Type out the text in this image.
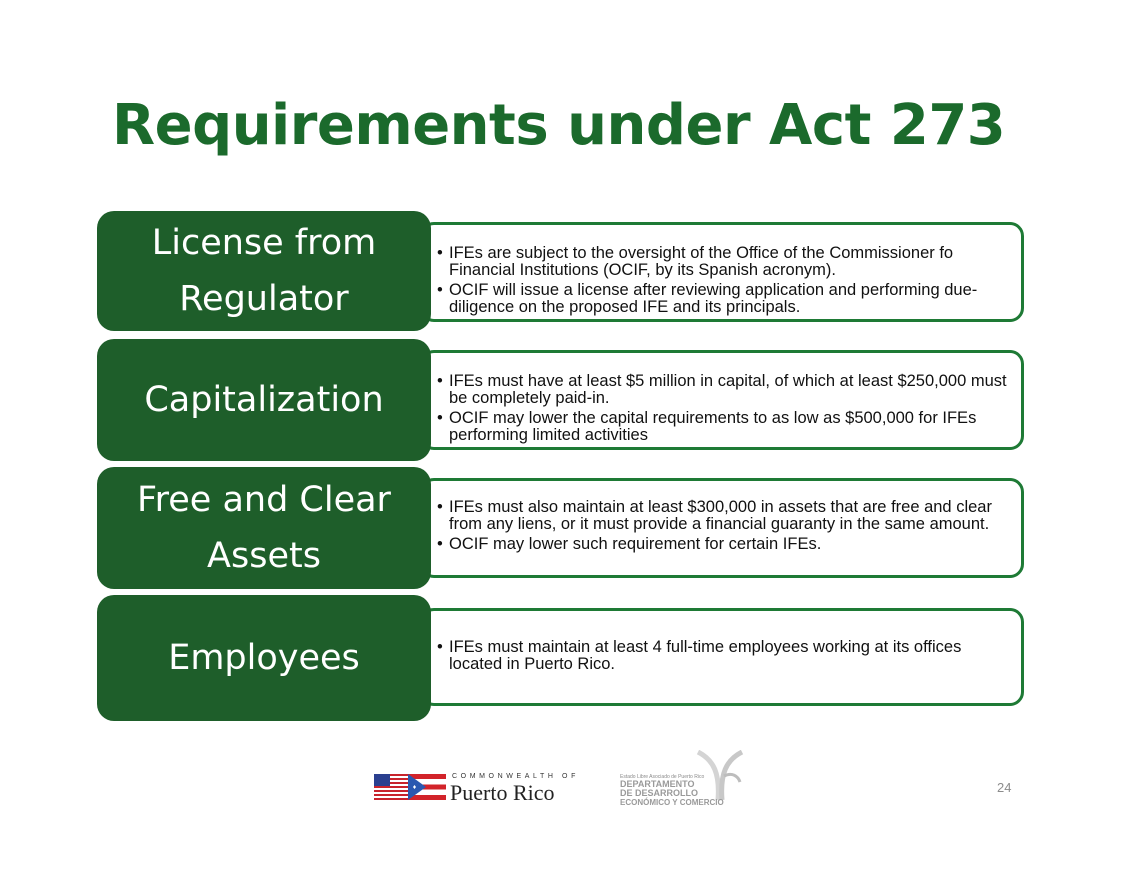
Requirements under Act 273
License from Regulator
• IFEs are subject to the oversight of the Office of the Commissioner fo Financial Institutions (OCIF, by its Spanish acronym).
• OCIF will issue a license after reviewing application and performing due-diligence on the proposed IFE and its principals.
Capitalization	• IFEs must have at least $5 million in capital, of which at least $250,000 must be completely paid-in.
• OCIF may lower the capital requirements to as low as $500,000 for IFEs performing limited activities
Free and Clear Assets
• IFEs must also maintain at least $300,000 in assets that are free and clear from any liens, or it must provide a financial guaranty in the same amount.
• OCIF may lower such requirement for certain IFEs.
Employees	• IFEs must maintain at least 4 full-time employees working at its offices located in Puerto Rico.
COMMONWEALTH OF
Puerto Rico
Estado Libre Asociado de Puerto Rico
DEPARTAMENTO
DE DESARROLLO
ECONÓMICO Y COMERCIO
24
